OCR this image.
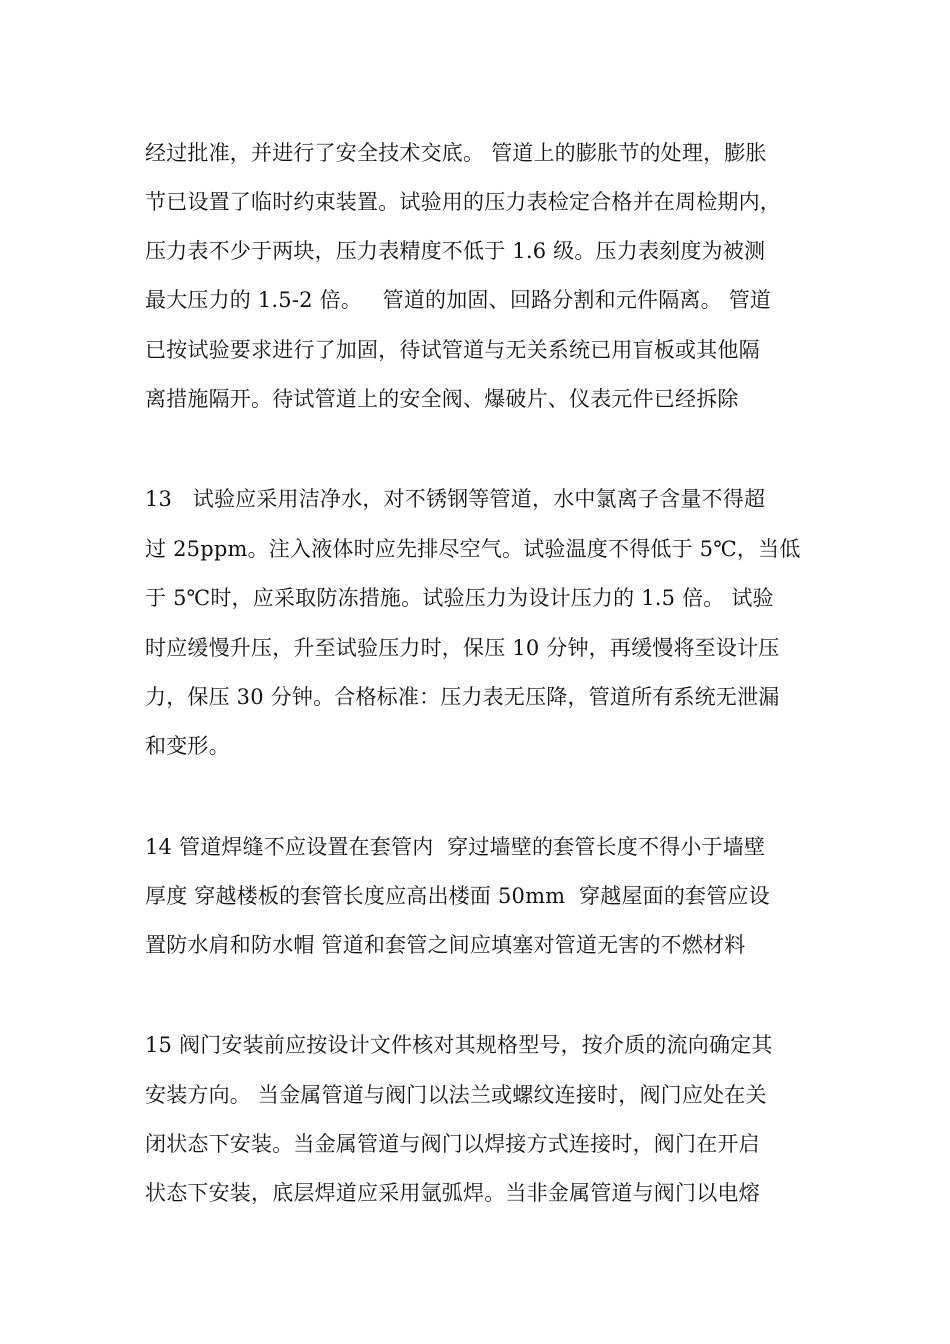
经过批准，并进行了安全技术交底。 管道上的膨胀节的处理，膨胀
节已设置了临时约束装置。试验用的压力表检定合格并在周检期内，
压力表不少于两块，压力表精度不低于 1.6 级。压力表刻度为被测
最大压力的 1.5-2 倍。   管道的加固、回路分割和元件隔离。 管道
已按试验要求进行了加固，待试管道与无关系统已用盲板或其他隔
离措施隔开。待试管道上的安全阀、爆破片、仪表元件已经拆除
13   试验应采用洁净水，对不锈钢等管道，水中氯离子含量不得超
过 25ppm。注入液体时应先排尽空气。试验温度不得低于 5℃，当低
于 5℃时，应采取防冻措施。试验压力为设计压力的 1.5 倍。 试验
时应缓慢升压，升至试验压力时，保压 10 分钟，再缓慢将至设计压
力，保压 30 分钟。合格标准：压力表无压降，管道所有系统无泄漏
和变形。
14 管道焊缝不应设置在套管内  穿过墙壁的套管长度不得小于墙壁
厚度 穿越楼板的套管长度应高出楼面 50mm  穿越屋面的套管应设
置防水肩和防水帽 管道和套管之间应填塞对管道无害的不燃材料
15 阀门安装前应按设计文件核对其规格型号，按介质的流向确定其
安装方向。 当金属管道与阀门以法兰或螺纹连接时，阀门应处在关
闭状态下安装。当金属管道与阀门以焊接方式连接时，阀门在开启
状态下安装，底层焊道应采用氩弧焊。当非金属管道与阀门以电熔
